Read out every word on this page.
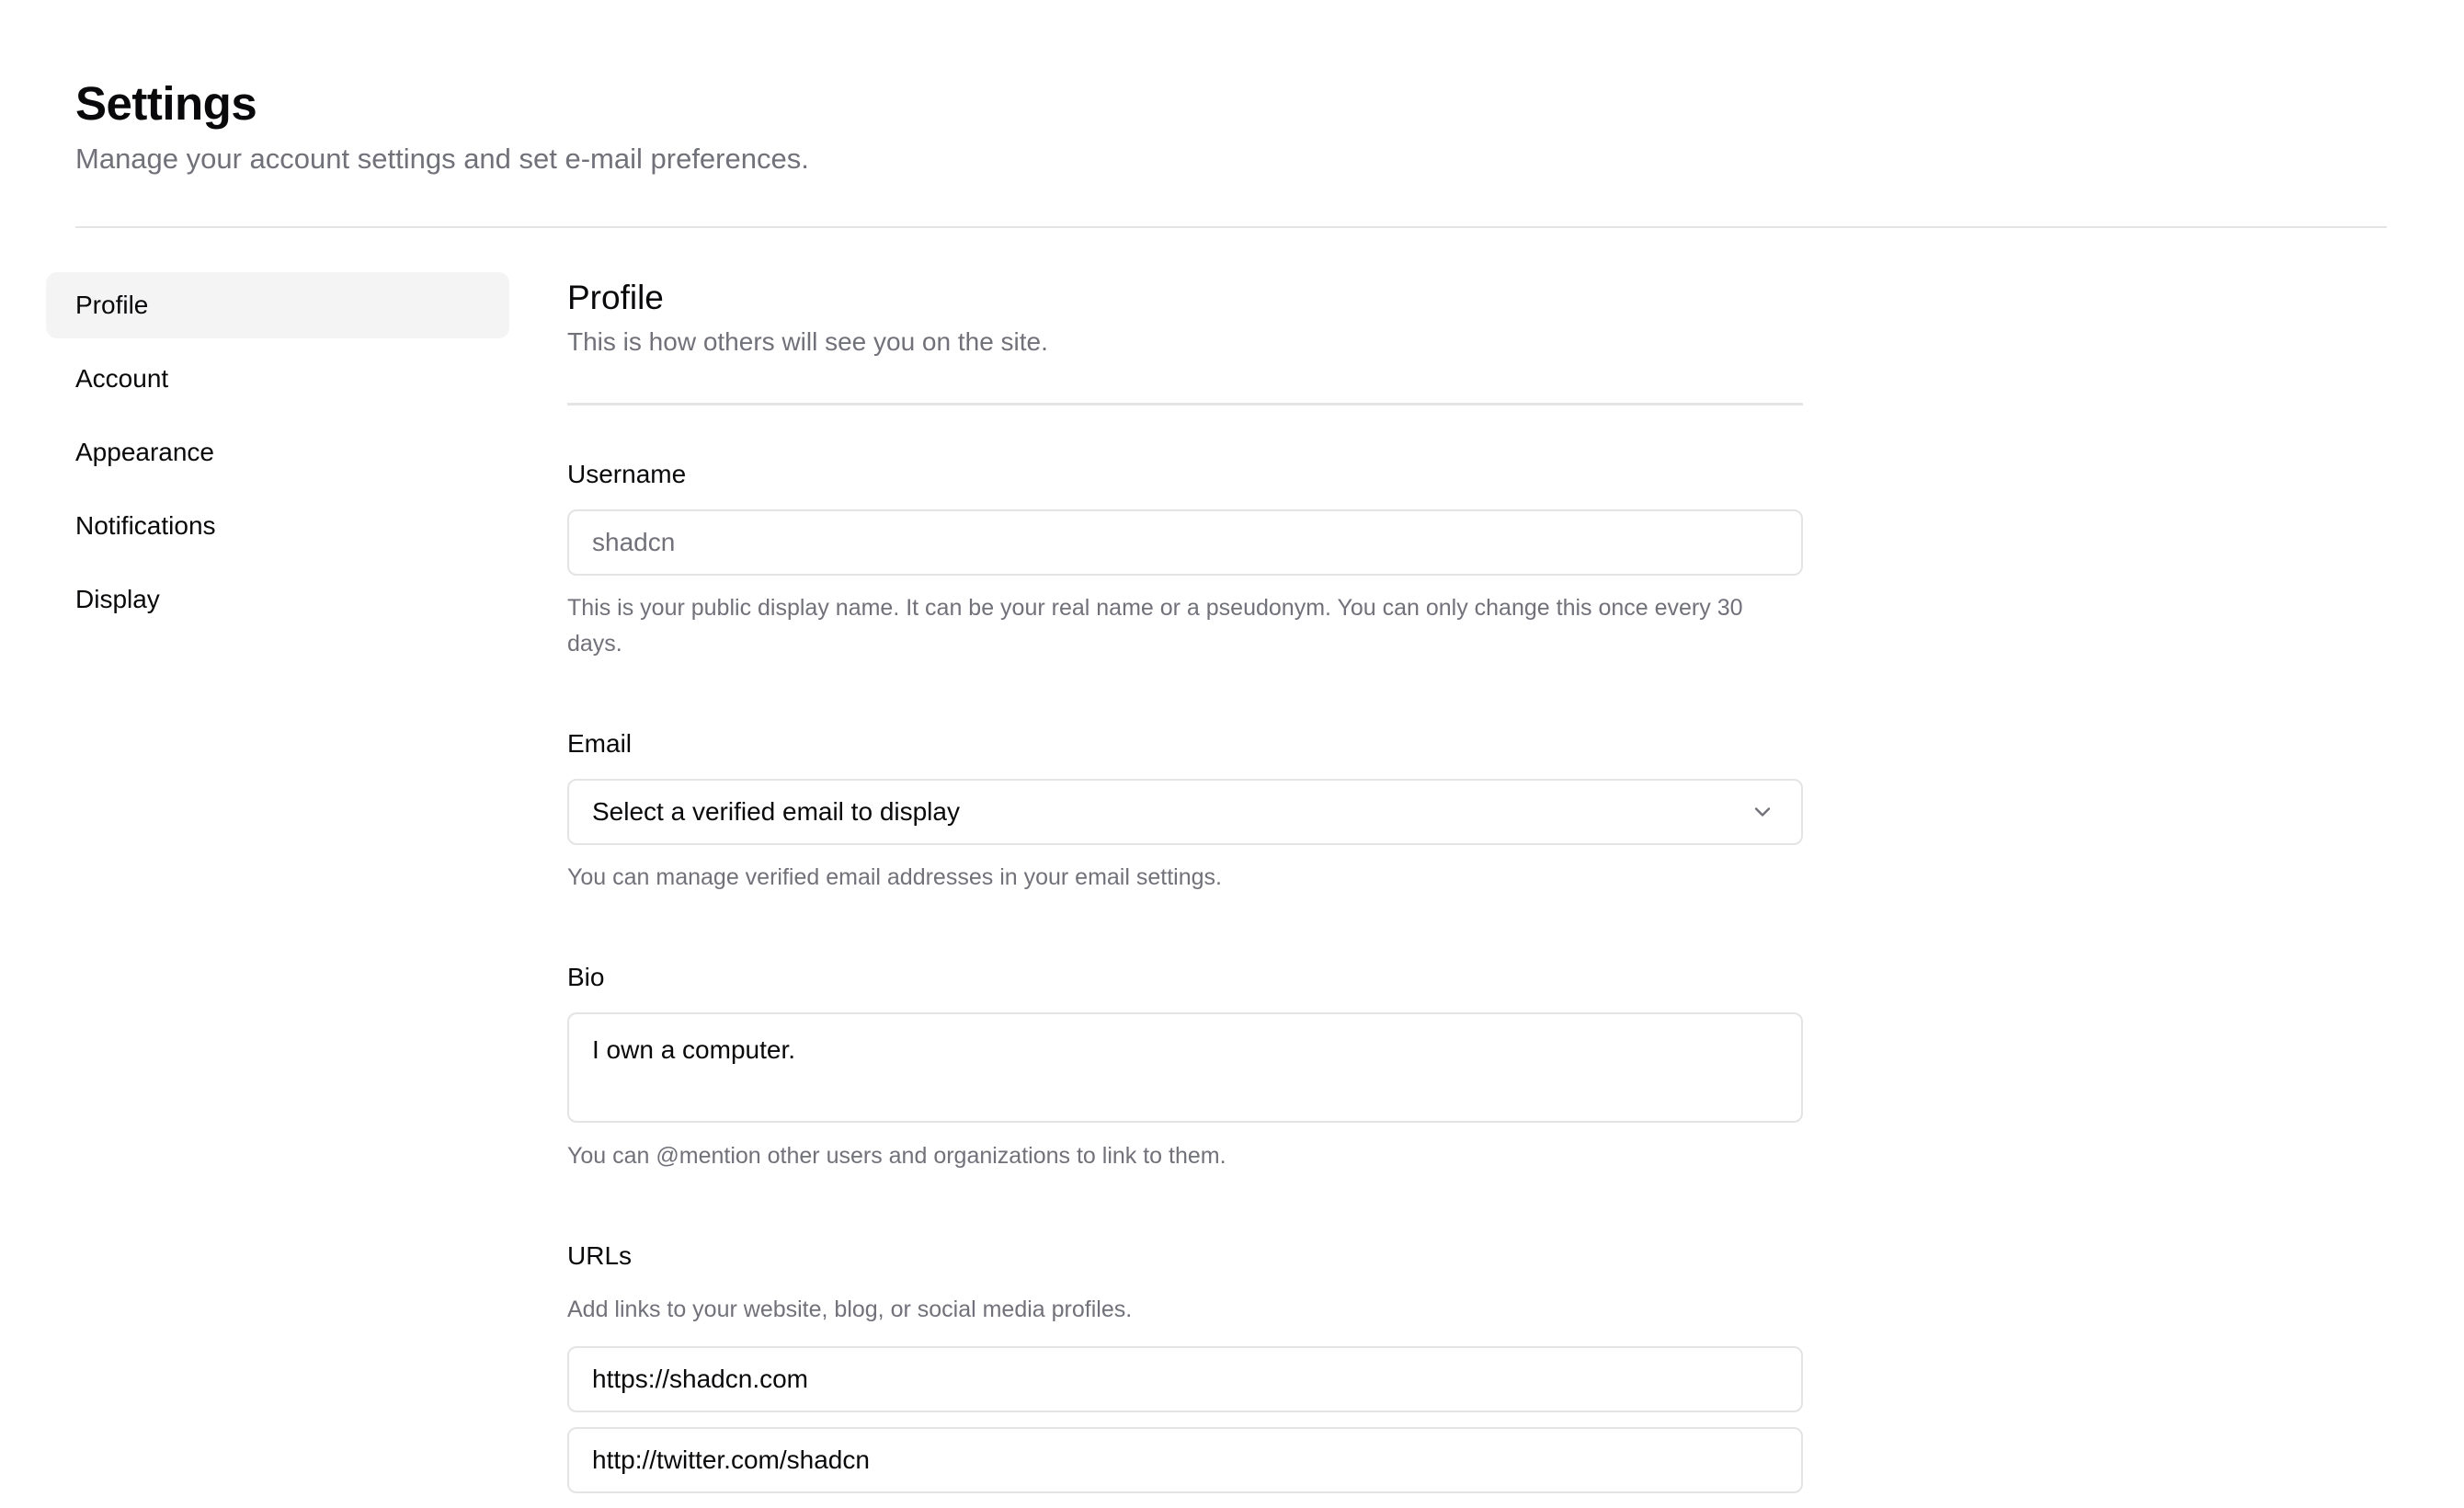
Settings
Manage your account settings and set e-mail preferences.
Profile
Account
Appearance
Notifications
Display
Profile
This is how others will see you on the site.
Username
shadcn
This is your public display name. It can be your real name or a pseudonym. You can only change this once every 30 days.
Email
Select a verified email to display
You can manage verified email addresses in your email settings.
Bio
I own a computer.
You can @mention other users and organizations to link to them.
URLs
Add links to your website, blog, or social media profiles.
https://shadcn.com
http://twitter.com/shadcn
